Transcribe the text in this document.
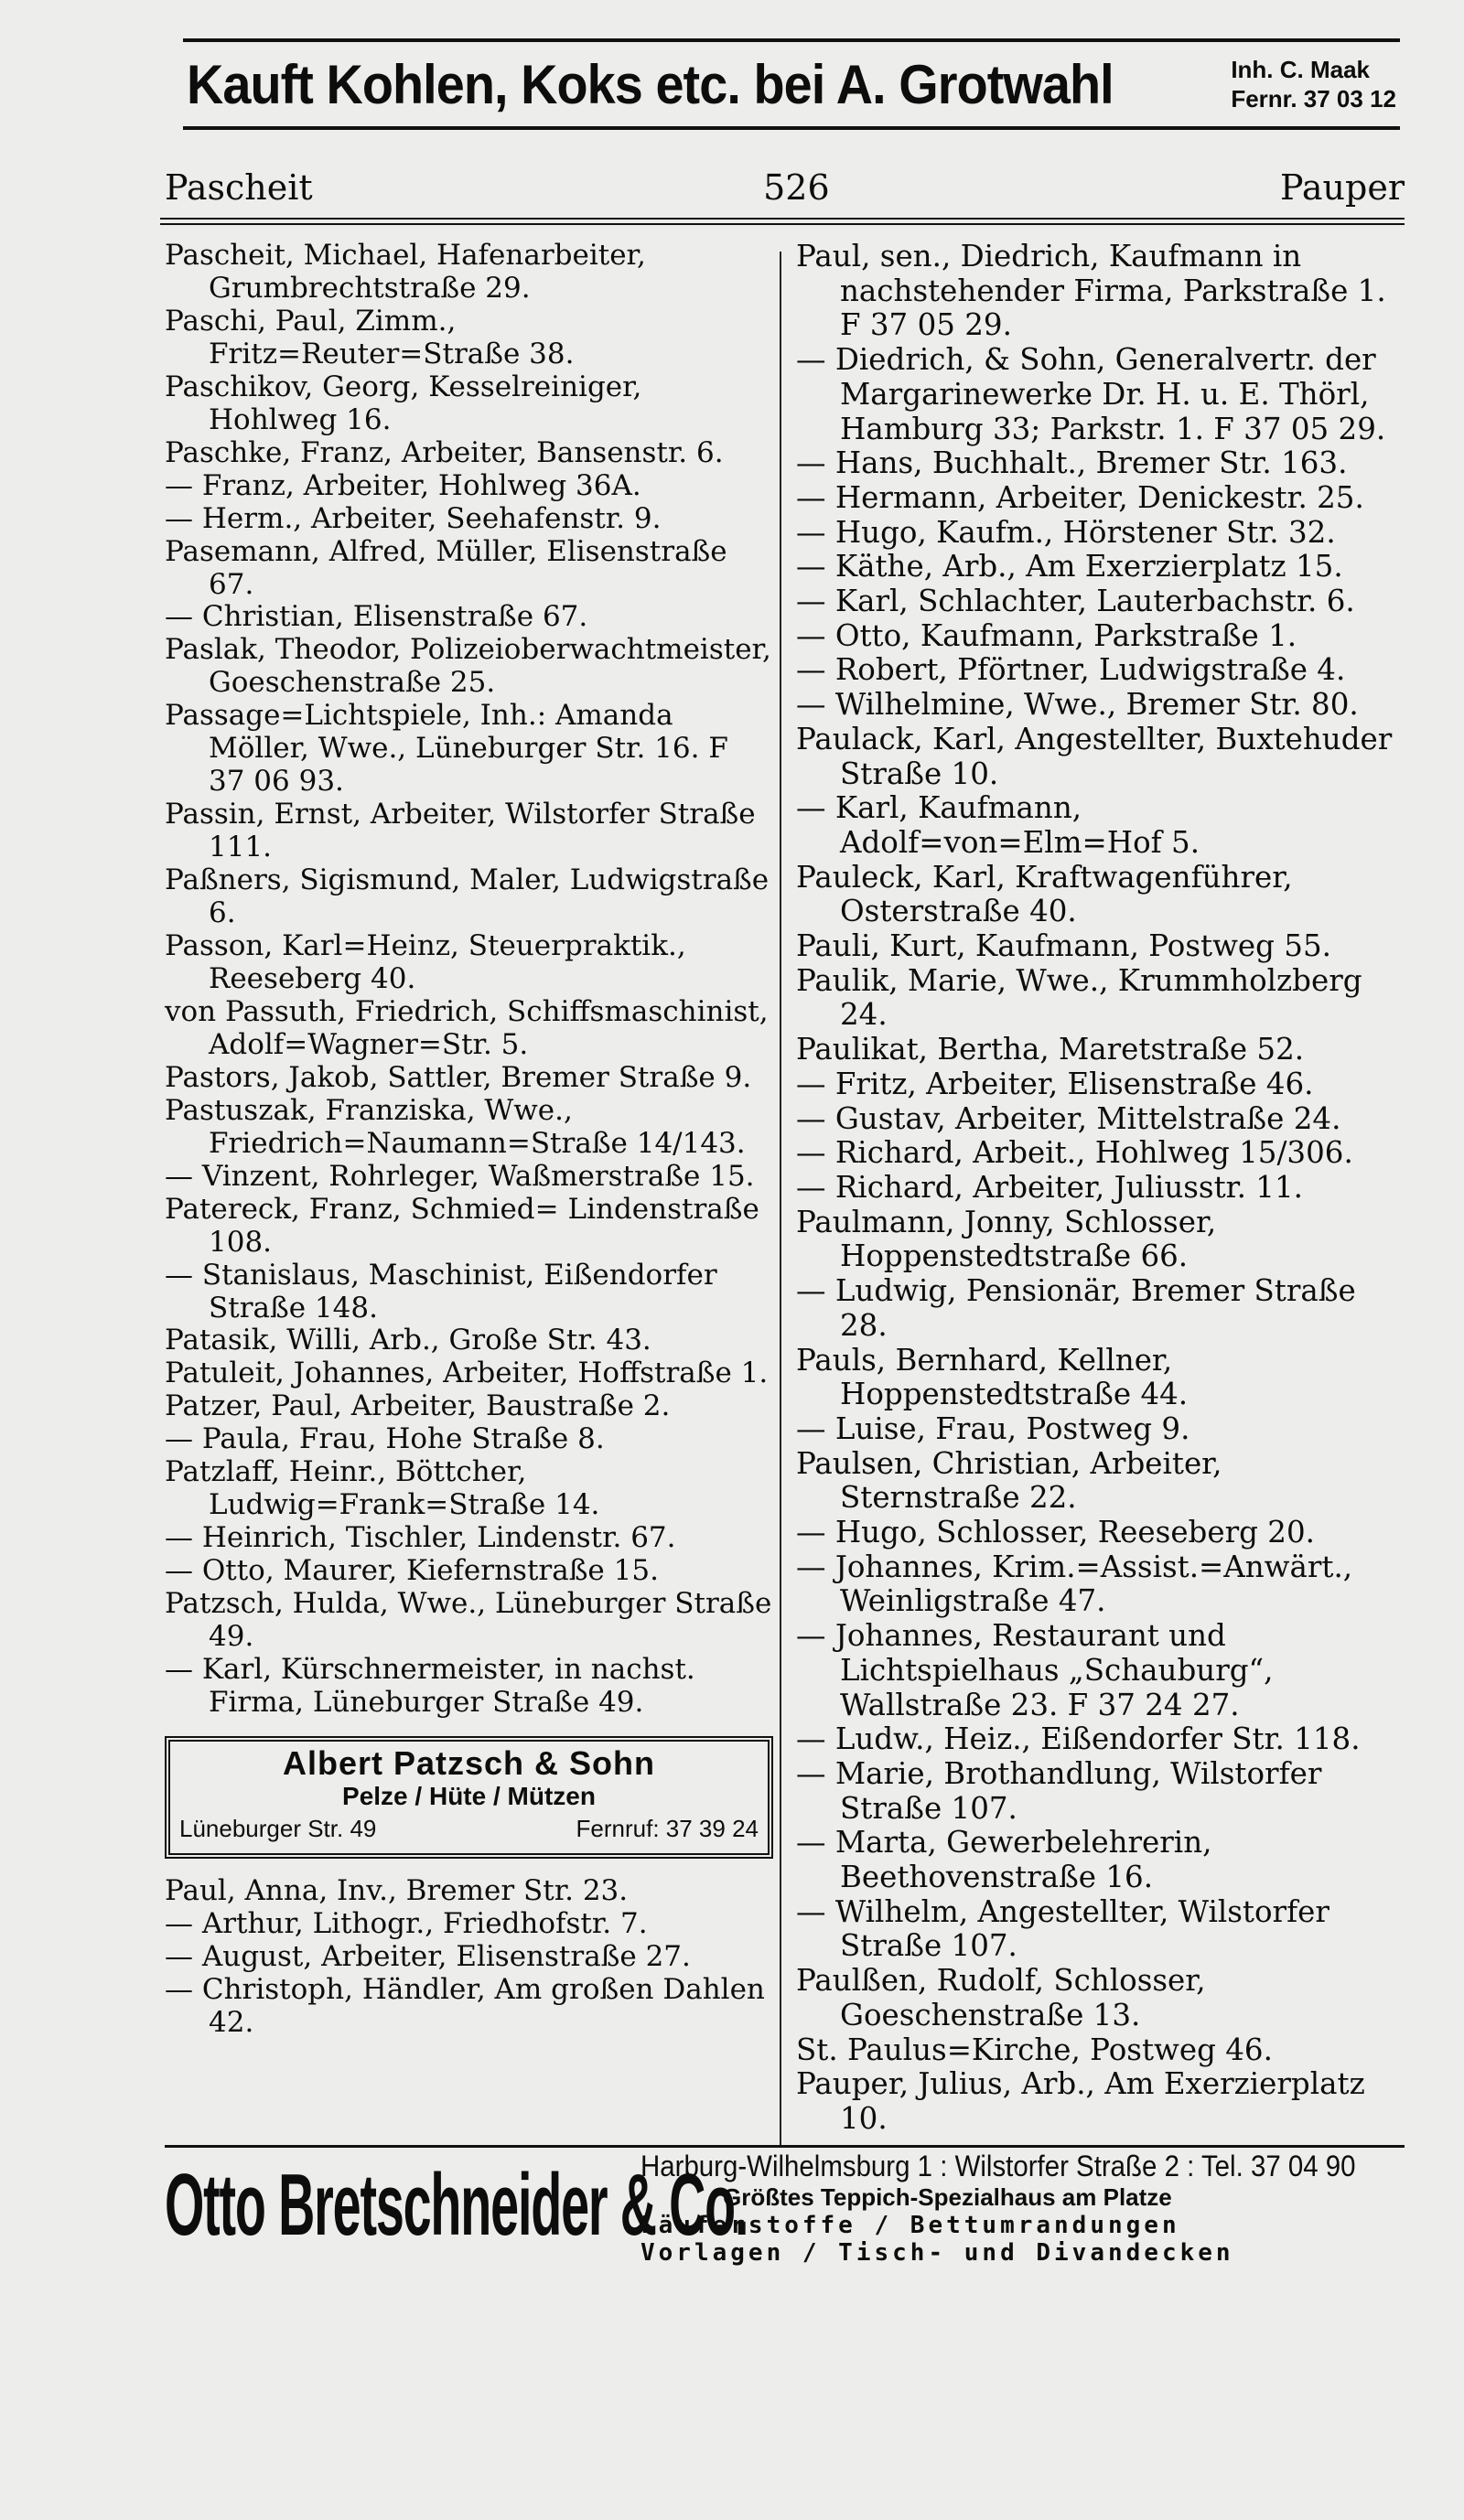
Kauft Kohlen, Koks etc. bei A. Grotwahl	Inh. C. Maak
Fernr. 37 03 12
Pascheit	526	Pauper

Pascheit, Michael, Hafenarbeiter, Grumbrechtstraße 29.

Paschi, Paul, Zimm., Fritz=Reuter=Straße 38.

Paschikov, Georg, Kesselreiniger, Hohlweg 16.

Paschke, Franz, Arbeiter, Bansenstr. 6.

— Franz, Arbeiter, Hohlweg 36A.

— Herm., Arbeiter, Seehafenstr. 9.

Pasemann, Alfred, Müller, Elisenstraße 67.

— Christian, Elisenstraße 67.

Paslak, Theodor, Polizeioberwachtmeister, Goeschenstraße 25.

Passage=Lichtspiele, Inh.: Amanda Möller, Wwe., Lüneburger Str. 16. F 37 06 93.

Passin, Ernst, Arbeiter, Wilstorfer Straße 111.

Paßners, Sigismund, Maler, Ludwigstraße 6.

Passon, Karl=Heinz, Steuerpraktik., Reeseberg 40.

von Passuth, Friedrich, Schiffsmaschinist, Adolf=Wagner=Str. 5.

Pastors, Jakob, Sattler, Bremer Straße 9.

Pastuszak, Franziska, Wwe., Friedrich=Naumann=Straße 14/143.

— Vinzent, Rohrleger, Waßmerstraße 15.

Patereck, Franz, Schmied= Lindenstraße 108.

— Stanislaus, Maschinist, Eißendorfer Straße 148.

Patasik, Willi, Arb., Große Str. 43.

Patuleit, Johannes, Arbeiter, Hoffstraße 1.

Patzer, Paul, Arbeiter, Baustraße 2.

— Paula, Frau, Hohe Straße 8.

Patzlaff, Heinr., Böttcher, Ludwig=Frank=Straße 14.

— Heinrich, Tischler, Lindenstr. 67.

— Otto, Maurer, Kiefernstraße 15.

Patzsch, Hulda, Wwe., Lüneburger Straße 49.

— Karl, Kürschnermeister, in nachst. Firma, Lüneburger Straße 49.

Albert Patzsch & Sohn
Pelze / Hüte / Mützen
Lüneburger Str. 49	Fernruf: 37 39 24

Paul, Anna, Inv., Bremer Str. 23.

— Arthur, Lithogr., Friedhofstr. 7.

— August, Arbeiter, Elisenstraße 27.

— Christoph, Händler, Am großen Dahlen 42.

Paul, sen., Diedrich, Kaufmann in nachstehender Firma, Parkstraße 1. F 37 05 29.

— Diedrich, & Sohn, Generalvertr. der Margarinewerke Dr. H. u. E. Thörl, Hamburg 33; Parkstr. 1. F 37 05 29.

— Hans, Buchhalt., Bremer Str. 163.

— Hermann, Arbeiter, Denickestr. 25.

— Hugo, Kaufm., Hörstener Str. 32.

— Käthe, Arb., Am Exerzierplatz 15.

— Karl, Schlachter, Lauterbachstr. 6.

— Otto, Kaufmann, Parkstraße 1.

— Robert, Pförtner, Ludwigstraße 4.

— Wilhelmine, Wwe., Bremer Str. 80.

Paulack, Karl, Angestellter, Buxtehuder Straße 10.

— Karl, Kaufmann, Adolf=von=Elm=Hof 5.

Pauleck, Karl, Kraftwagenführer, Osterstraße 40.

Pauli, Kurt, Kaufmann, Postweg 55.

Paulik, Marie, Wwe., Krummholzberg 24.

Paulikat, Bertha, Maretstraße 52.

— Fritz, Arbeiter, Elisenstraße 46.

— Gustav, Arbeiter, Mittelstraße 24.

— Richard, Arbeit., Hohlweg 15/306.

— Richard, Arbeiter, Juliusstr. 11.

Paulmann, Jonny, Schlosser, Hoppenstedtstraße 66.

— Ludwig, Pensionär, Bremer Straße 28.

Pauls, Bernhard, Kellner, Hoppenstedtstraße 44.

— Luise, Frau, Postweg 9.

Paulsen, Christian, Arbeiter, Sternstraße 22.

— Hugo, Schlosser, Reeseberg 20.

— Johannes, Krim.=Assist.=Anwärt., Weinligstraße 47.

— Johannes, Restaurant und Lichtspielhaus „Schauburg“, Wallstraße 23. F 37 24 27.

— Ludw., Heiz., Eißendorfer Str. 118.

— Marie, Brothandlung, Wilstorfer Straße 107.

— Marta, Gewerbelehrerin, Beethovenstraße 16.

— Wilhelm, Angestellter, Wilstorfer Straße 107.

Paulßen, Rudolf, Schlosser, Goeschenstraße 13.

St. Paulus=Kirche, Postweg 46.

Pauper, Julius, Arb., Am Exerzierplatz 10.

Otto Bretschneider & Co.
Harburg-Wilhelmsburg 1 : Wilstorfer Straße 2 : Tel. 37 04 90
Größtes Teppich-Spezialhaus am Platze
Läuferstoffe / Bettumrandungen
Vorlagen / Tisch- und Divandecken
